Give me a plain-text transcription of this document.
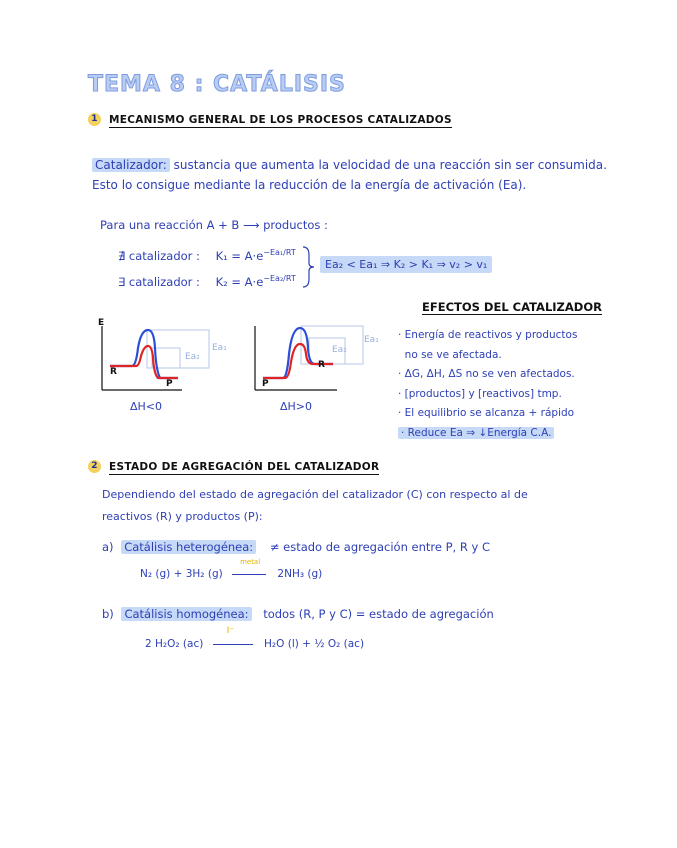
TEMA 8 : CATÁLISIS
1 MECANISMO GENERAL DE LOS PROCESOS CATALIZADOS
Catalizador: sustancia que aumenta la velocidad de una reacción sin ser consumida.
Esto lo consigue mediante la reducción de la energía de activación (Ea).
Para una reacción A + B ⟶ productos :
∄ catalizador : $K_1 = A\cdot e^{-Ea_1/RT}$
∃ catalizador : $K_2 = A\cdot e^{-Ea_2/RT}$
Ea₂ < Ea₁ ⇒ K₂ > K₁ ⇒ v₂ > v₁
E
R
P
Ea₁
Ea₂
ΔH<0
P
R
Ea₁
Ea₂
ΔH>0
EFECTOS DEL CATALIZADOR
· Energía de reactivos y productos
no se ve afectada.
· ΔG, ΔH, ΔS no se ven afectados.
· [productos] y [reactivos] tmp.
· El equilibrio se alcanza + rápido
· Reduce Ea ⇒ ↓Energía C.A.
2 ESTADO DE AGREGACIÓN DEL CATALIZADOR
Dependiendo del estado de agregación del catalizador (C) con respecto al de
reactivos (R) y productos (P):
a) Catálisis heterogénea: ≠ estado de agregación entre P, R y C
N₂ (g) + 3H₂ (g)
metal
2NH₃ (g)
b) Catálisis homogénea: todos (R, P y C) = estado de agregación
2 H₂O₂ (ac)
I⁻
H₂O (l) + ½ O₂ (ac)
